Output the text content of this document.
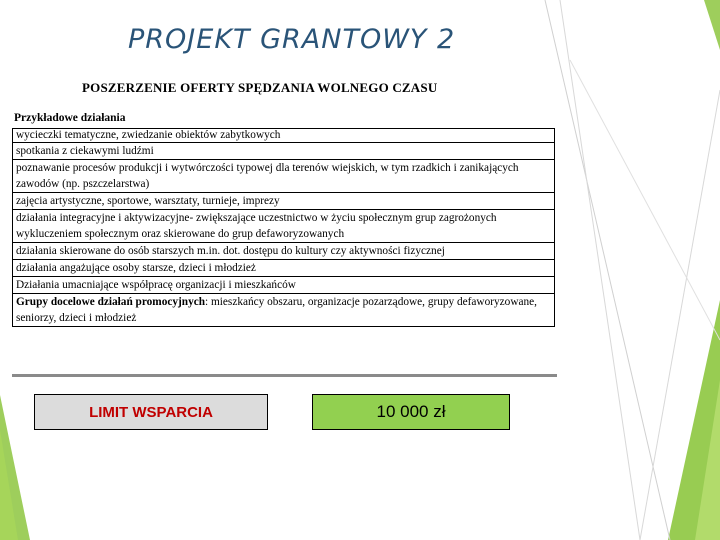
PROJEKT GRANTOWY 2
POSZERZENIE OFERTY SPĘDZANIA WOLNEGO CZASU
Przykładowe działania
wycieczki tematyczne, zwiedzanie obiektów zabytkowych
spotkania z ciekawymi ludźmi
poznawanie procesów produkcji i wytwórczości typowej dla terenów wiejskich, w tym rzadkich i zanikających zawodów (np. pszczelarstwa)
zajęcia artystyczne, sportowe, warsztaty, turnieje, imprezy
działania integracyjne i aktywizacyjne- zwiększające uczestnictwo w życiu społecznym grup zagrożonych wykluczeniem społecznym oraz skierowane do grup defaworyzowanych
działania skierowane do osób starszych m.in. dot. dostępu do kultury czy aktywności fizycznej
działania angażujące osoby starsze, dzieci i młodzież
Działania umacniające współpracę organizacji i mieszkańców
Grupy docelowe działań promocyjnych: mieszkańcy obszaru, organizacje pozarządowe, grupy defaworyzowane, seniorzy, dzieci i młodzież
LIMIT WSPARCIA	10 000 zł
